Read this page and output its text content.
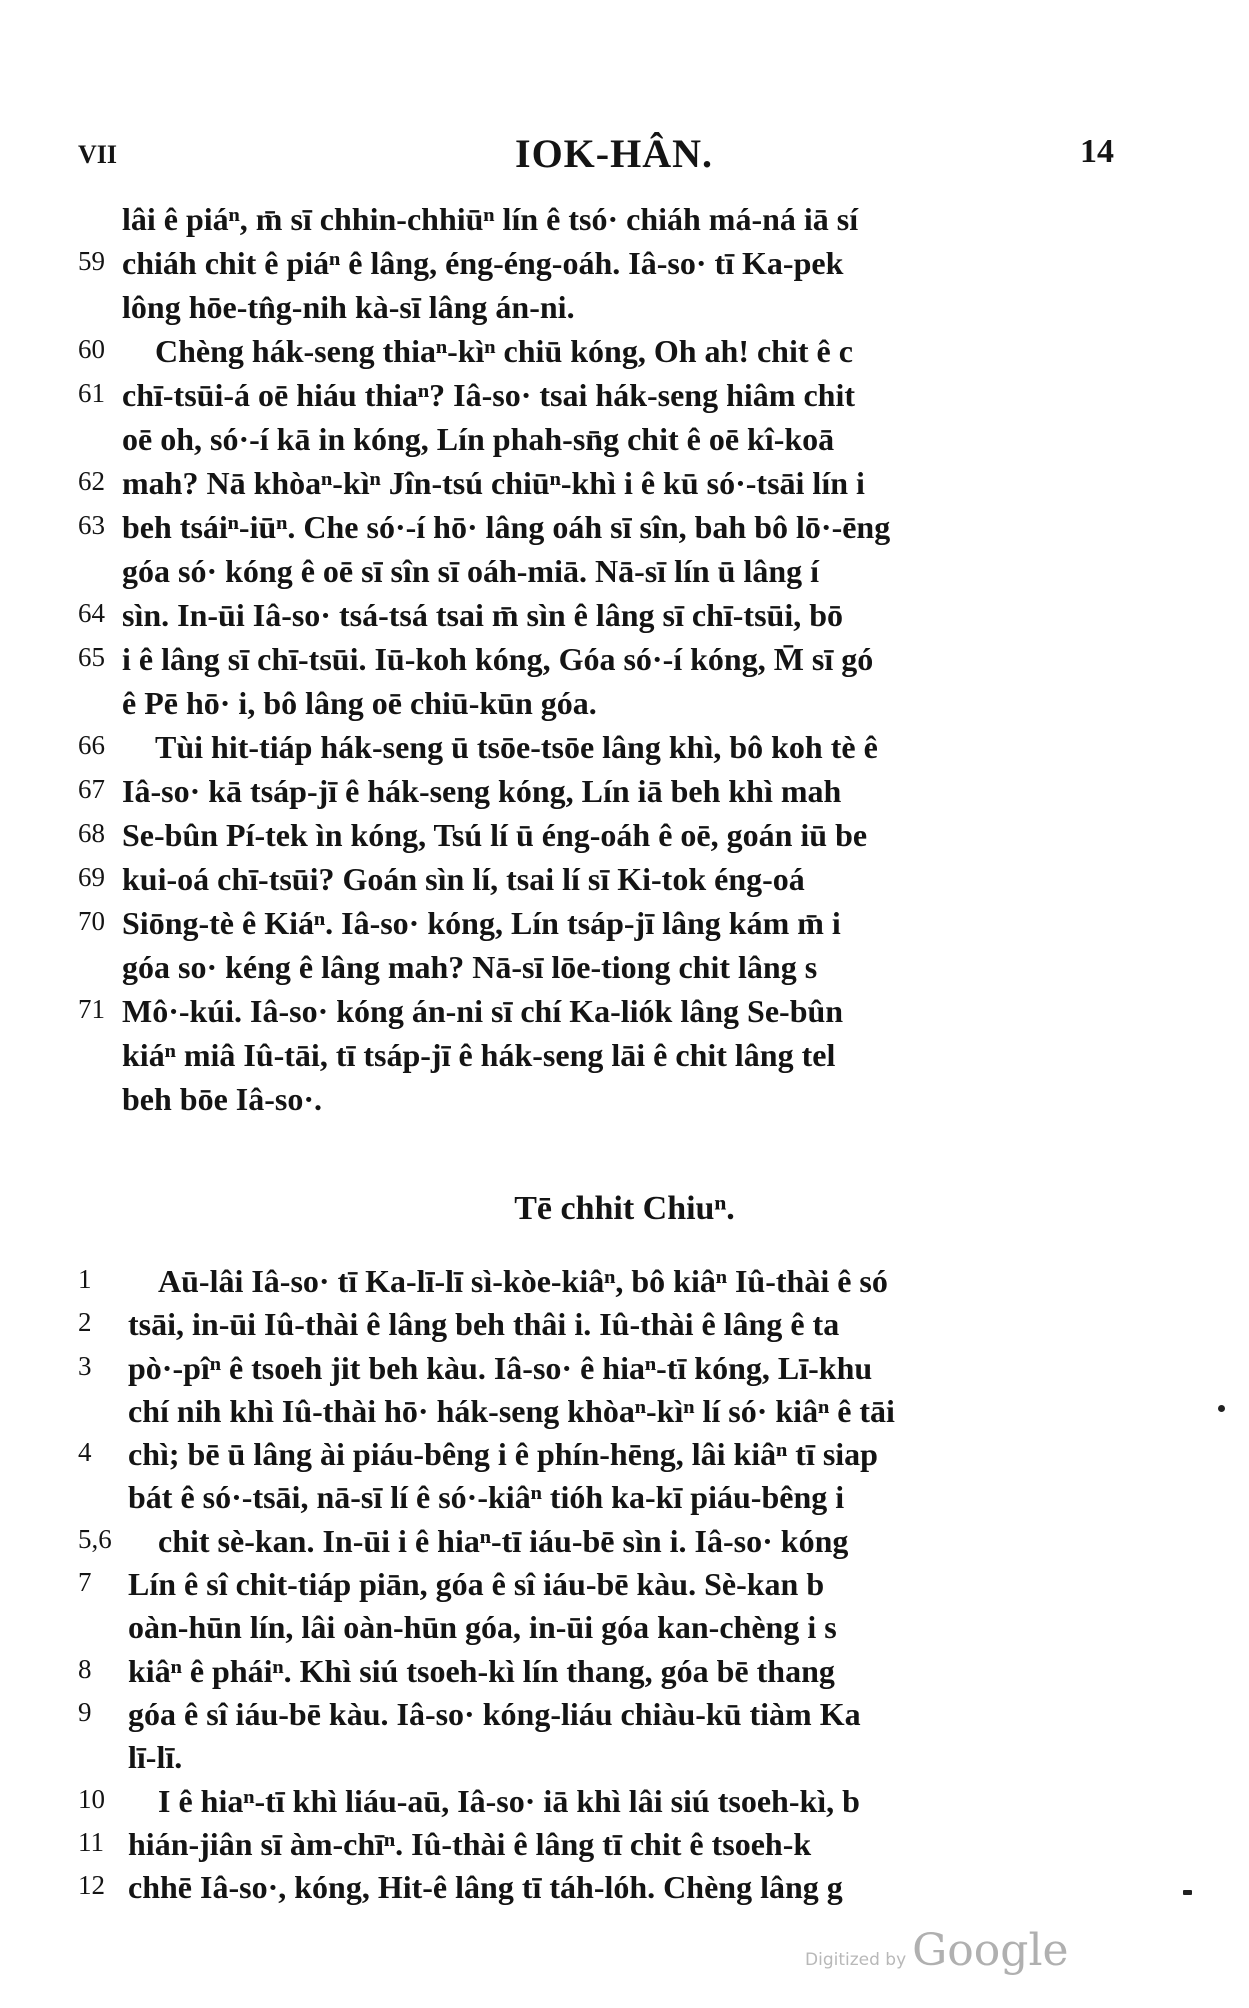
VII	IOK-HÂN.	14
lâi ê piáⁿ, m̄ sī chhin-chhiūⁿ lín ê tsó· chiáh má-ná iā sí
59 chiáh chit ê piáⁿ ê lâng, éng-éng-oáh. Iâ-so· tī Ka-pek
lông hōe-tn̂g-nih kà-sī lâng án-ni.
60	Chèng hák-seng thiaⁿ-kìⁿ chiū kóng, Oh ah! chit ê c
61 chī-tsūi-á oē hiáu thiaⁿ? Iâ-so· tsai hák-seng hiâm chit
oē oh, só·-í kā in kóng, Lín phah-sn̄g chit ê oē kî-koā
62 mah? Nā khòaⁿ-kìⁿ Jîn-tsú chiūⁿ-khì i ê kū só·-tsāi lín i
63 beh tsáiⁿ-iūⁿ. Che só·-í hō· lâng oáh sī sîn, bah bô lō·-ēng
góa só· kóng ê oē sī sîn sī oáh-miā. Nā-sī lín ū lâng í
64 sìn. In-ūi Iâ-so· tsá-tsá tsai m̄ sìn ê lâng sī chī-tsūi, bō
65 i ê lâng sī chī-tsūi. Iū-koh kóng, Góa só·-í kóng, M̄ sī gó
ê Pē hō· i, bô lâng oē chiū-kūn góa.
66	Tùi hit-tiáp hák-seng ū tsōe-tsōe lâng khì, bô koh tè ê
67 Iâ-so· kā tsáp-jī ê hák-seng kóng, Lín iā beh khì mah
68 Se-bûn Pí-tek ìn kóng, Tsú lí ū éng-oáh ê oē, goán iū be
69 kui-oá chī-tsūi? Goán sìn lí, tsai lí sī Ki-tok éng-oá
70 Siōng-tè ê Kiáⁿ. Iâ-so· kóng, Lín tsáp-jī lâng kám m̄ i
góa so· kéng ê lâng mah? Nā-sī lōe-tiong chit lâng s
71 Mô·-kúi. Iâ-so· kóng án-ni sī chí Ka-liók lâng Se-bûn
kiáⁿ miâ Iû-tāi, tī tsáp-jī ê hák-seng lāi ê chit lâng tel
beh bōe Iâ-so·.
Tē chhit Chiuⁿ.
1	Aū-lâi Iâ-so· tī Ka-lī-lī sì-kòe-kiâⁿ, bô kiâⁿ Iû-thài ê só
2	tsāi, in-ūi Iû-thài ê lâng beh thâi i. Iû-thài ê lâng ê ta
3	pò·-pîⁿ ê tsoeh jit beh kàu. Iâ-so· ê hiaⁿ-tī kóng, Lī-khu
chí nih khì Iû-thài hō· hák-seng khòaⁿ-kìⁿ lí só· kiâⁿ ê tāi
4	chì; bē ū lâng ài piáu-bêng i ê phín-hēng, lâi kiâⁿ tī siap
bát ê só·-tsāi, nā-sī lí ê só·-kiâⁿ tióh ka-kī piáu-bêng i
5,6 chit sè-kan. In-ūi i ê hiaⁿ-tī iáu-bē sìn i. Iâ-so· kóng
7	Lín ê sî chit-tiáp piān, góa ê sî iáu-bē kàu. Sè-kan b
oàn-hūn lín, lâi oàn-hūn góa, in-ūi góa kan-chèng i s
8	kiâⁿ ê pháiⁿ. Khì siú tsoeh-kì lín thang, góa bē thang
9	góa ê sî iáu-bē kàu. Iâ-so· kóng-liáu chiàu-kū tiàm Ka
lī-lī.
10	I ê hiaⁿ-tī khì liáu-aū, Iâ-so· iā khì lâi siú tsoeh-kì, b
11 hián-jiân sī àm-chīⁿ. Iû-thài ê lâng tī chit ê tsoeh-k
12 chhē Iâ-so·, kóng, Hit-ê lâng tī táh-lóh. Chèng lâng g
Digitized by Google
